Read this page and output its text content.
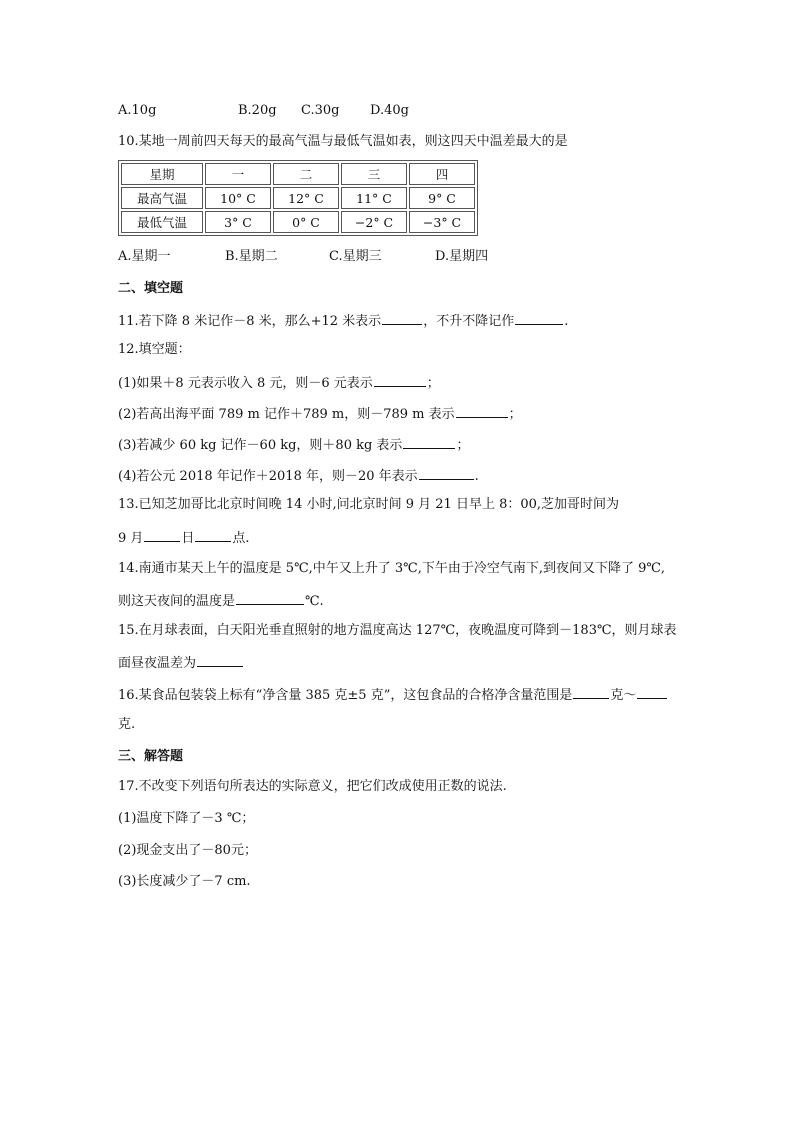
A.10g	B.20g C.30g D.40g
10.某地一周前四天每天的最高气温与最低气温如表，则这四天中温差最大的是
星期	一	二	三	四
最高气温	10° C	12° C	11° C	9° C
最低气温	3° C	0° C	−2° C	−3° C
A.星期一	B.星期二	C.星期三	D.星期四
二、填空题
11.若下降 8 米记作－8 米，那么+12 米表示	，不升不降记作	.
12.填空题：
(1)如果＋8 元表示收入 8 元，则－6 元表示	；
(2)若高出海平面 789 m 记作＋789 m，则－789 m 表示	；
(3)若减少 60 kg 记作－60 kg，则＋80 kg 表示	；
(4)若公元 2018 年记作＋2018 年，则－20 年表示	.
13.已知芝加哥比北京时间晚 14 小时,问北京时间 9 月 21 日早上 8：00,芝加哥时间为
9 月	日	点.
14.南通市某天上午的温度是 5℃,中午又上升了 3℃,下午由于冷空气南下,到夜间又下降了 9℃,
则这天夜间的温度是	℃.
15.在月球表面，白天阳光垂直照射的地方温度高达 127℃，夜晚温度可降到－183℃，则月球表
面昼夜温差为
16.某食品包装袋上标有“净含量 385 克±5 克”，这包食品的合格净含量范围是	克～
克.
三、解答题
17.不改变下列语句所表达的实际意义，把它们改成使用正数的说法.
(1)温度下降了－3 ℃；
(2)现金支出了－80元；
(3)长度减少了－7 cm.
